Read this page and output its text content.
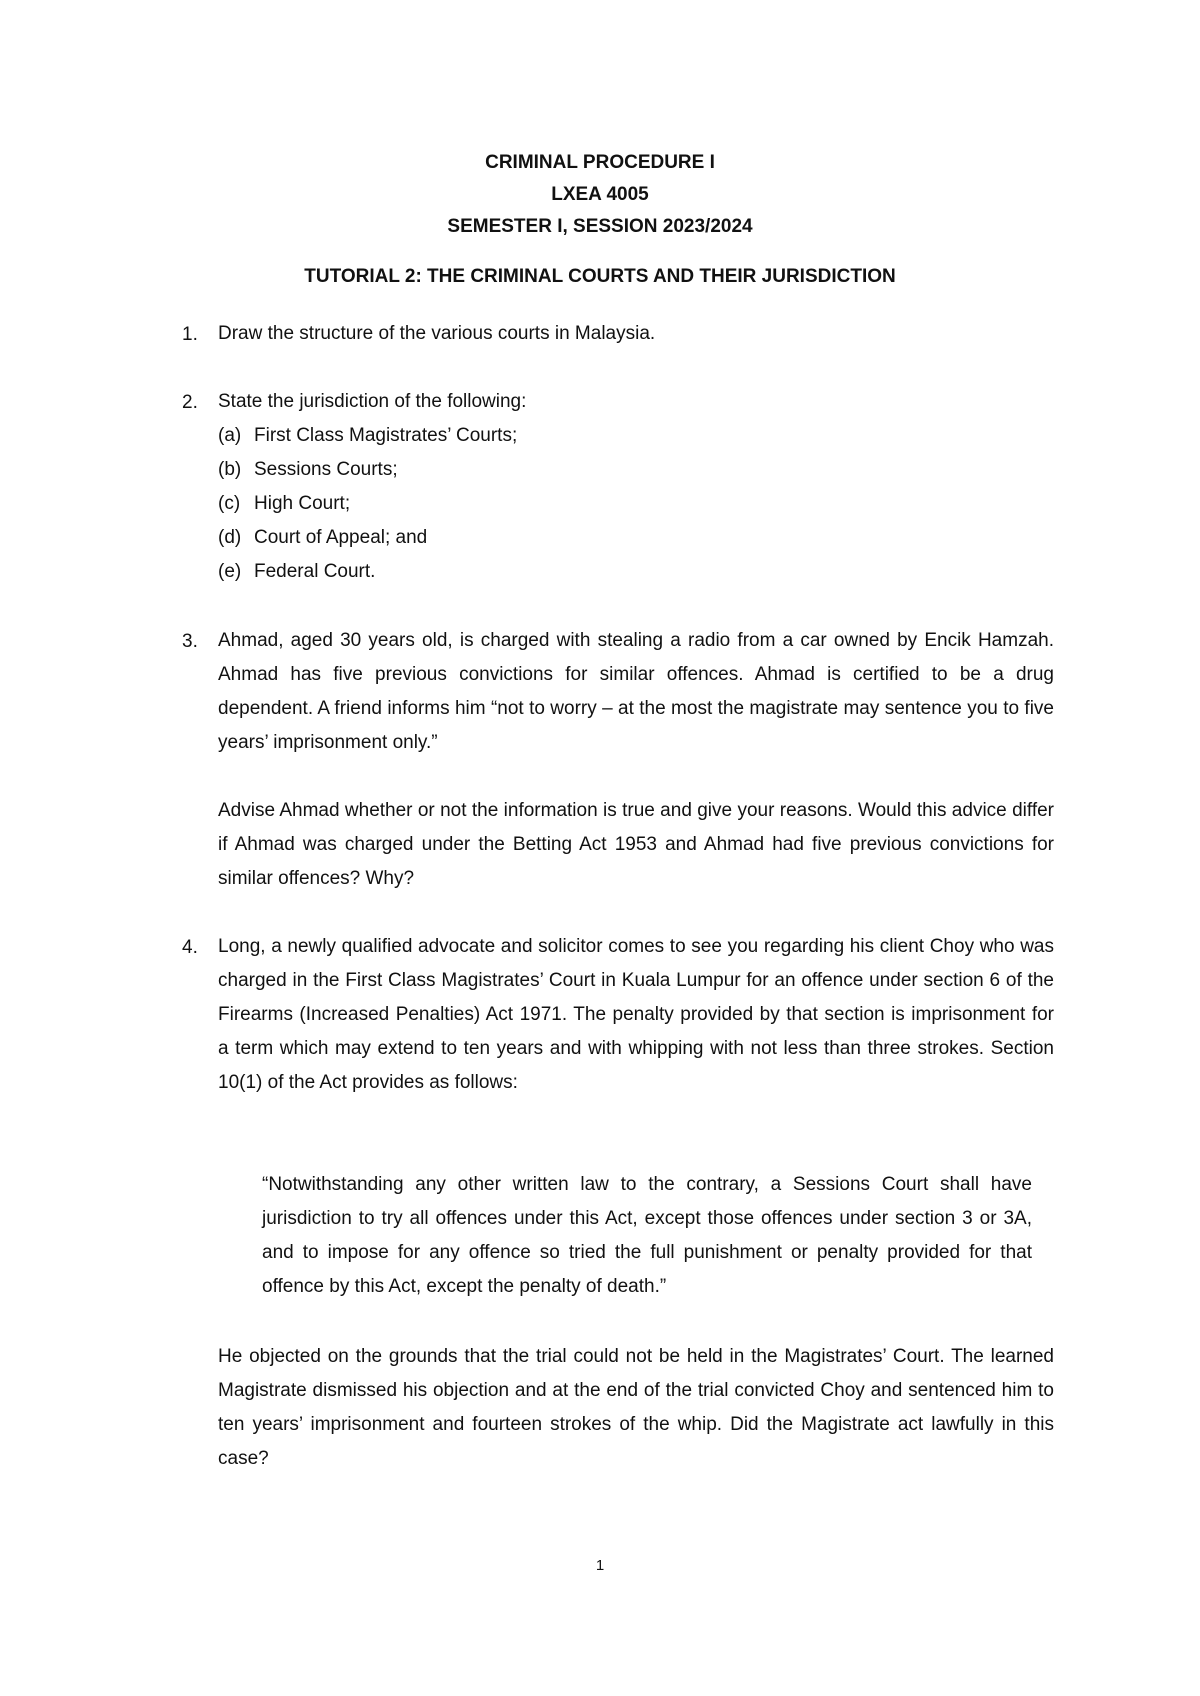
CRIMINAL PROCEDURE I
LXEA 4005
SEMESTER I, SESSION 2023/2024
TUTORIAL 2: THE CRIMINAL COURTS AND THEIR JURISDICTION
1. Draw the structure of the various courts in Malaysia.
2. State the jurisdiction of the following:
(a) First Class Magistrates’ Courts;
(b) Sessions Courts;
(c) High Court;
(d) Court of Appeal; and
(e) Federal Court.
3. Ahmad, aged 30 years old, is charged with stealing a radio from a car owned by Encik Hamzah. Ahmad has five previous convictions for similar offences. Ahmad is certified to be a drug dependent. A friend informs him “not to worry – at the most the magistrate may sentence you to five years’ imprisonment only.”

Advise Ahmad whether or not the information is true and give your reasons. Would this advice differ if Ahmad was charged under the Betting Act 1953 and Ahmad had five previous convictions for similar offences? Why?

4. Long, a newly qualified advocate and solicitor comes to see you regarding his client Choy who was charged in the First Class Magistrates’ Court in Kuala Lumpur for an offence under section 6 of the Firearms (Increased Penalties) Act 1971. The penalty provided by that section is imprisonment for a term which may extend to ten years and with whipping with not less than three strokes. Section 10(1) of the Act provides as follows:

“Notwithstanding any other written law to the contrary, a Sessions Court shall have jurisdiction to try all offences under this Act, except those offences under section 3 or 3A, and to impose for any offence so tried the full punishment or penalty provided for that offence by this Act, except the penalty of death.”

He objected on the grounds that the trial could not be held in the Magistrates’ Court. The learned Magistrate dismissed his objection and at the end of the trial convicted Choy and sentenced him to ten years’ imprisonment and fourteen strokes of the whip. Did the Magistrate act lawfully in this case?

1
